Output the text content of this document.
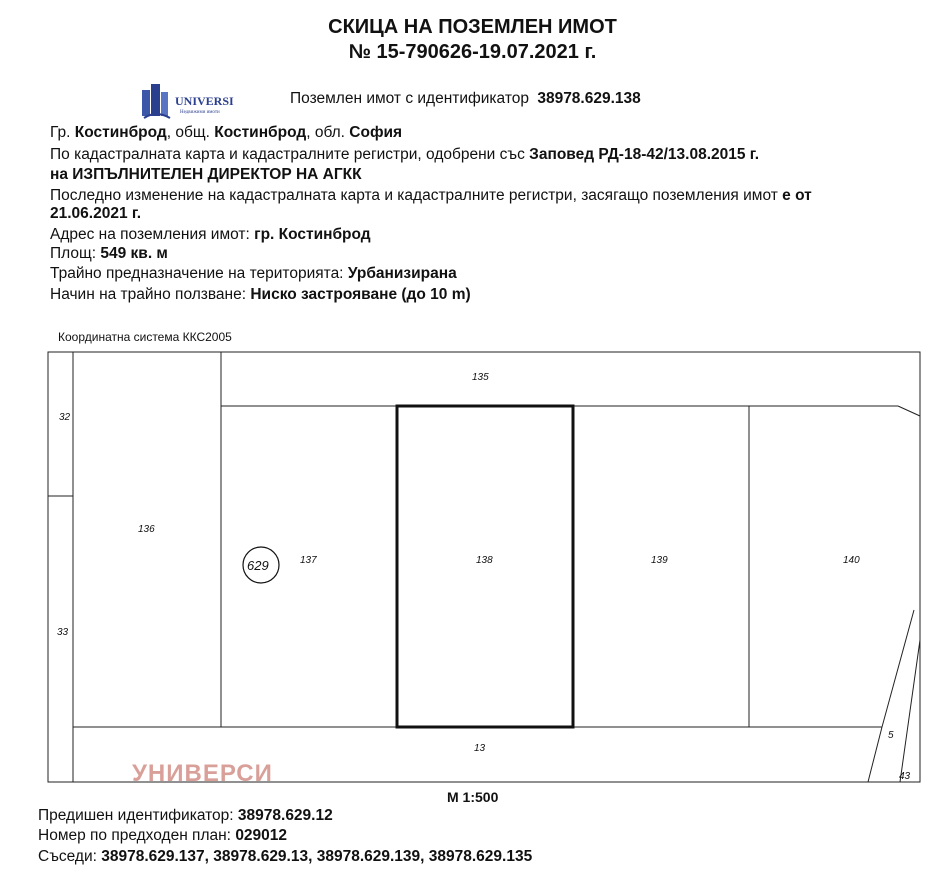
СКИЦА НА ПОЗЕМЛЕН ИМОТ
№ 15-790626-19.07.2021 г.
UNIVERSI
Недвижими имоти
Поземлен имот с идентификатор 38978.629.138
Гр. Костинброд, общ. Костинброд, обл. София
По кадастралната карта и кадастралните регистри, одобрени със Заповед РД-18-42/13.08.2015 г.
на ИЗПЪЛНИТЕЛЕН ДИРЕКТОР НА АГКК
Последно изменение на кадастралната карта и кадастралните регистри, засягащо поземления имот е от
21.06.2021 г.
Адрес на поземления имот: гр. Костинброд
Площ: 549 кв. м
Трайно предназначение на територията: Урбанизирана
Начин на трайно ползване: Ниско застрояване (до 10 m)
Координатна система ККС2005
629
135
32
33
136
137	138	139	140
13
5
43
УНИВЕРСИ
М 1:500
Предишен идентификатор: 38978.629.12
Номер по предходен план: 029012
Съседи: 38978.629.137, 38978.629.13, 38978.629.139, 38978.629.135
